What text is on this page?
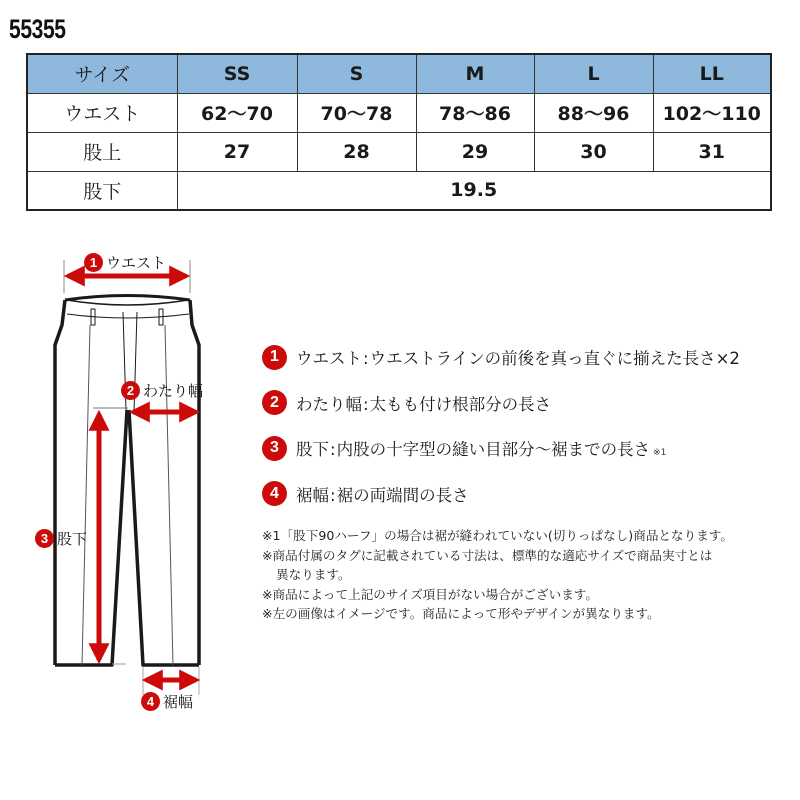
55355
サイズ	SS	S	M	L	LL
ウエスト	62〜70	70〜78	78〜86	88〜96	102〜110
股上	27	28	29	30	31
股下	19.5				
1 ウエスト
2 わたり幅
3 股下
4 裾幅
1	ウエスト:ウエストラインの前後を真っ直ぐに揃えた長さ×2
2	わたり幅:太もも付け根部分の長さ
3	股下:内股の十字型の縫い目部分〜裾までの長さ ※1
4	裾幅:裾の両端間の長さ
※1「股下90ハーフ」の場合は裾が縫われていない(切りっぱなし)商品となります。
※商品付属のタグに記載されている寸法は、標準的な適応サイズで商品実寸とは
異なります。
※商品によって上記のサイズ項目がない場合がございます。
※左の画像はイメージです。商品によって形やデザインが異なります。
